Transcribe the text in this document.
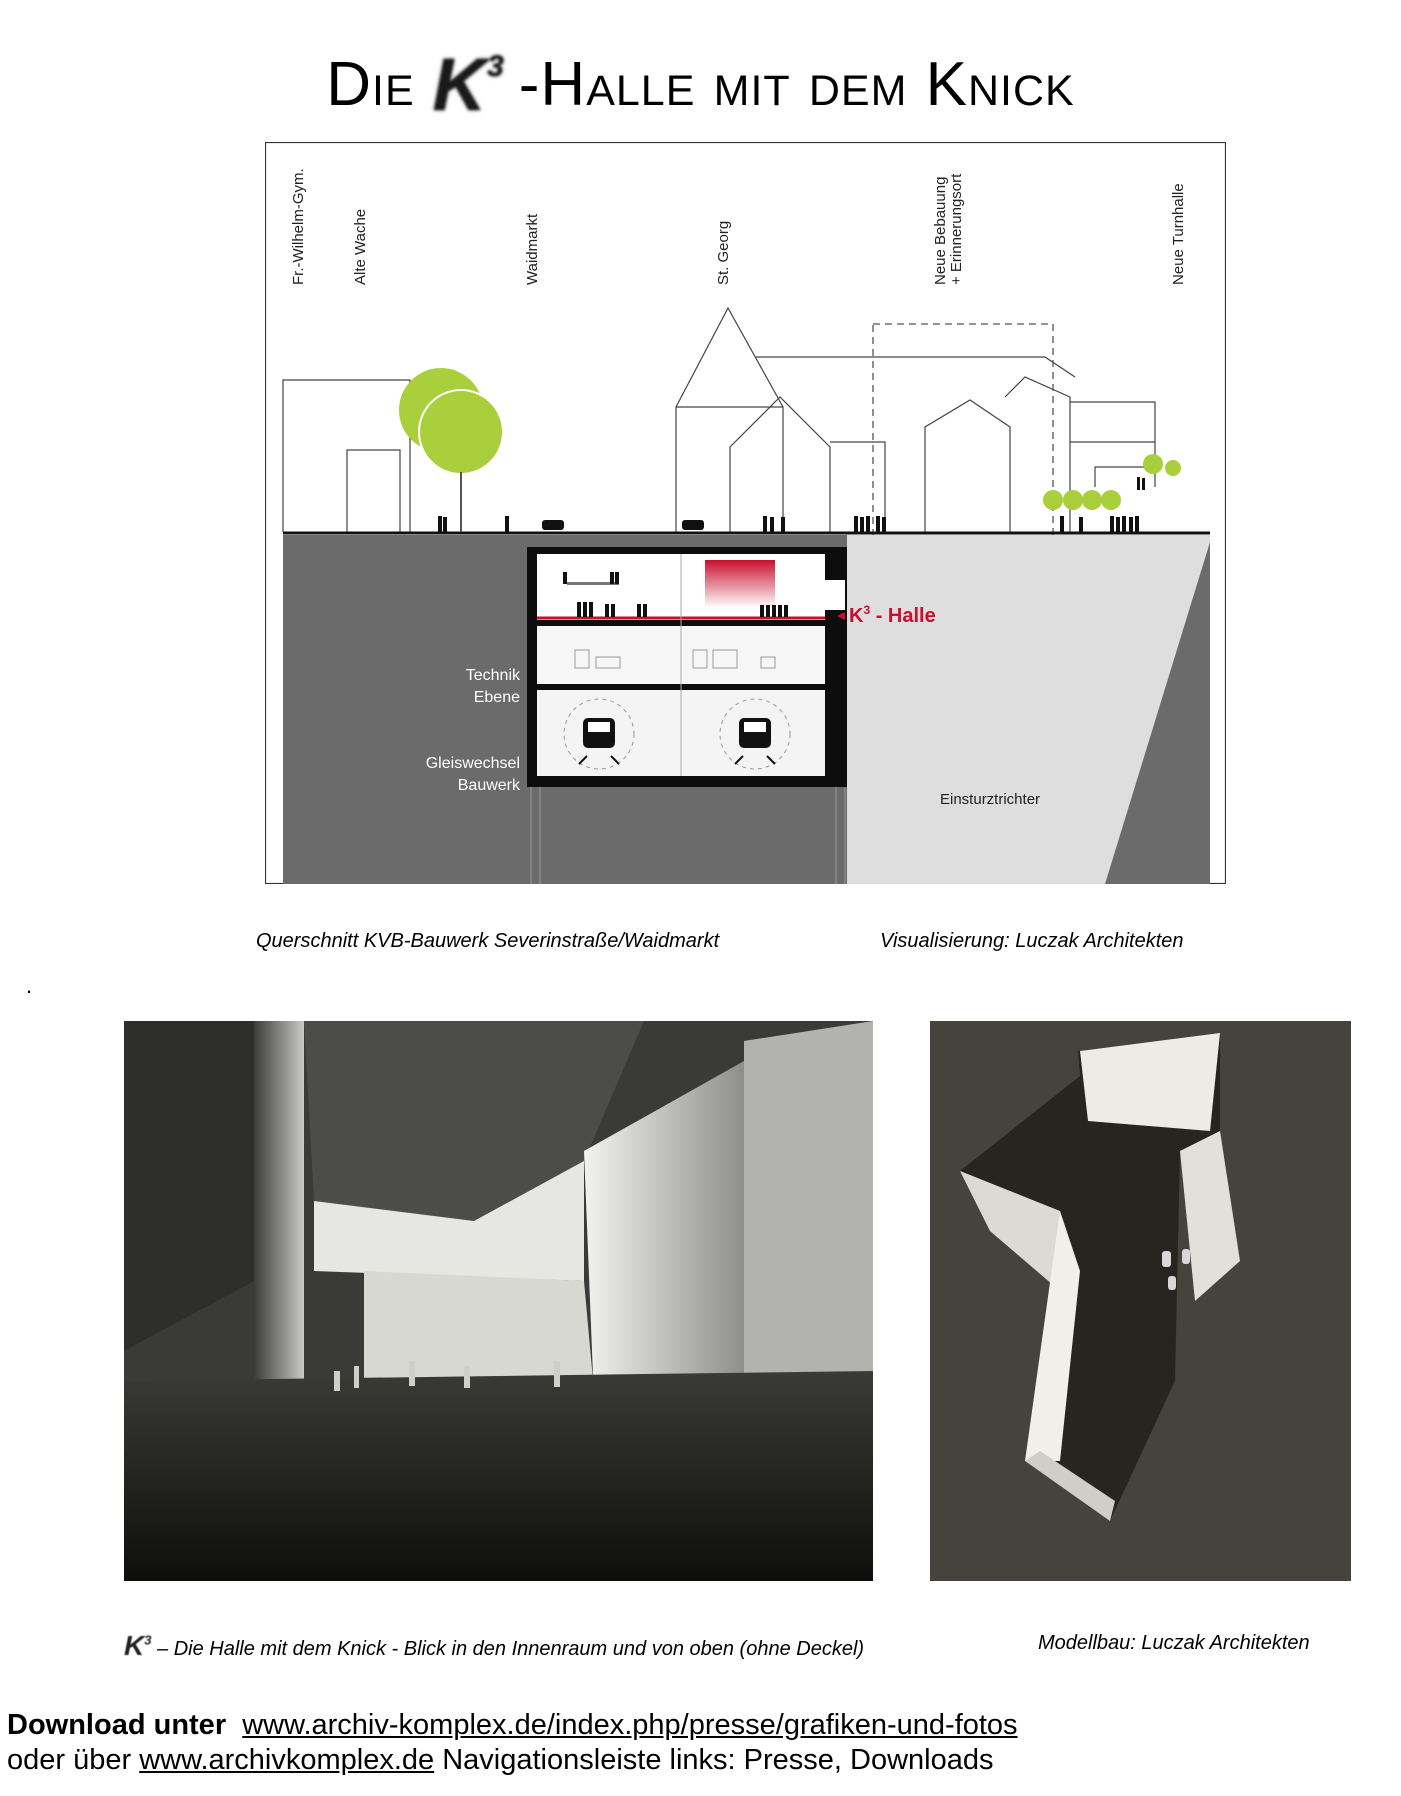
Die $K^3$ -Halle mit dem Knick
Fr.-Wilhelm-Gym.	Alte Wache	Waidmarkt	St. Georg	Neue Bebauung + Erinnerungsort	Neue Turnhalle
$K^3$ - Halle
Technik
Ebene
Gleiswechsel
Bauwerk
Einsturztrichter
Querschnitt KVB-Bauwerk Severinstraße/Waidmarkt	Visualisierung: Luczak Architekten
.
$K^3$ – Die Halle mit dem Knick - Blick in den Innenraum und von oben (ohne Deckel)	Modellbau: Luczak Architekten
Download unter www.archiv-komplex.de/index.php/presse/grafiken-und-fotos
oder über www.archivkomplex.de Navigationsleiste links: Presse, Downloads
